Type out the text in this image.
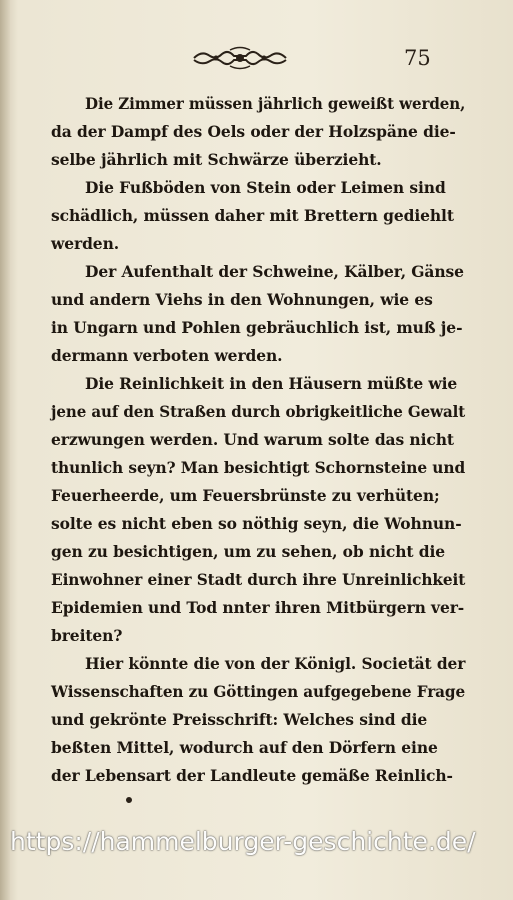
75
Die Zimmer müssen jährlich geweißt werden,
da der Dampf des Oels oder der Holzspäne die-
selbe jährlich mit Schwärze überzieht.
Die Fußböden von Stein oder Leimen sind
schädlich, müssen daher mit Brettern gediehlt
werden.
Der Aufenthalt der Schweine, Kälber, Gänse
und andern Viehs in den Wohnungen, wie es
in Ungarn und Pohlen gebräuchlich ist, muß je-
dermann verboten werden.
Die Reinlichkeit in den Häusern müßte wie
jene auf den Straßen durch obrigkeitliche Gewalt
erzwungen werden. Und warum solte das nicht
thunlich seyn? Man besichtigt Schornsteine und
Feuerheerde, um Feuersbrünste zu verhüten;
solte es nicht eben so nöthig seyn, die Wohnun-
gen zu besichtigen, um zu sehen, ob nicht die
Einwohner einer Stadt durch ihre Unreinlichkeit
Epidemien und Tod nnter ihren Mitbürgern ver-
breiten?
Hier könnte die von der Königl. Societät der
Wissenschaften zu Göttingen aufgegebene Frage
und gekrönte Preisschrift: Welches sind die
beßten Mittel, wodurch auf den Dörfern eine
der Lebensart der Landleute gemäße Reinlich-
https://hammelburger-geschichte.de/
